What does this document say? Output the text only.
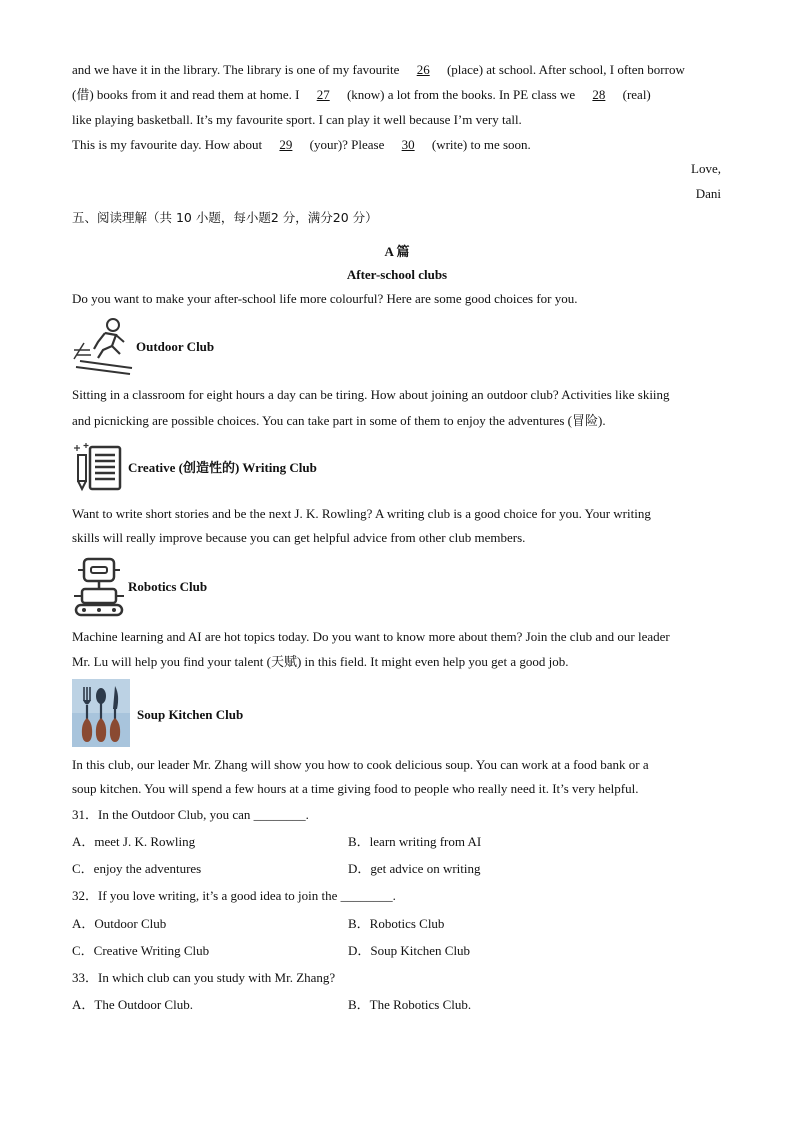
and we have it in the library. The library is one of my favourite 26 (place) at school. After school, I often borrow
(借) books from it and read them at home. I 27 (know) a lot from the books. In PE class we 28 (real)
like playing basketball. It’s my favourite sport. I can play it well because I’m very tall.
This is my favourite day. How about 29 (your)? Please 30 (write) to me soon.
Love,
Dani
五、阅读理解（共 10 小题，每小题2 分，满分20 分）
A 篇
After-school clubs
Do you want to make your after-school life more colourful? Here are some good choices for you.
Outdoor Club
Sitting in a classroom for eight hours a day can be tiring. How about joining an outdoor club? Activities like skiing
and picnicking are possible choices. You can take part in some of them to enjoy the adventures (冒险).
Creative (创造性的) Writing Club
Want to write short stories and be the next J. K. Rowling? A writing club is a good choice for you. Your writing
skills will really improve because you can get helpful advice from other club members.
Robotics Club
Machine learning and AI are hot topics today. Do you want to know more about them? Join the club and our leader
Mr. Lu will help you find your talent (天赋) in this field. It might even help you get a good job.
Soup Kitchen Club
In this club, our leader Mr. Zhang will show you how to cook delicious soup. You can work at a food bank or a
soup kitchen. You will spend a few hours at a time giving food to people who really need it. It’s very helpful.
31．In the Outdoor Club, you can ________.
A．meet J. K. Rowling	B．learn writing from AI
C．enjoy the adventures	D．get advice on writing
32．If you love writing, it’s a good idea to join the ________.
A．Outdoor Club	B．Robotics Club
C．Creative Writing Club	D．Soup Kitchen Club
33．In which club can you study with Mr. Zhang?
A．The Outdoor Club.	B．The Robotics Club.
